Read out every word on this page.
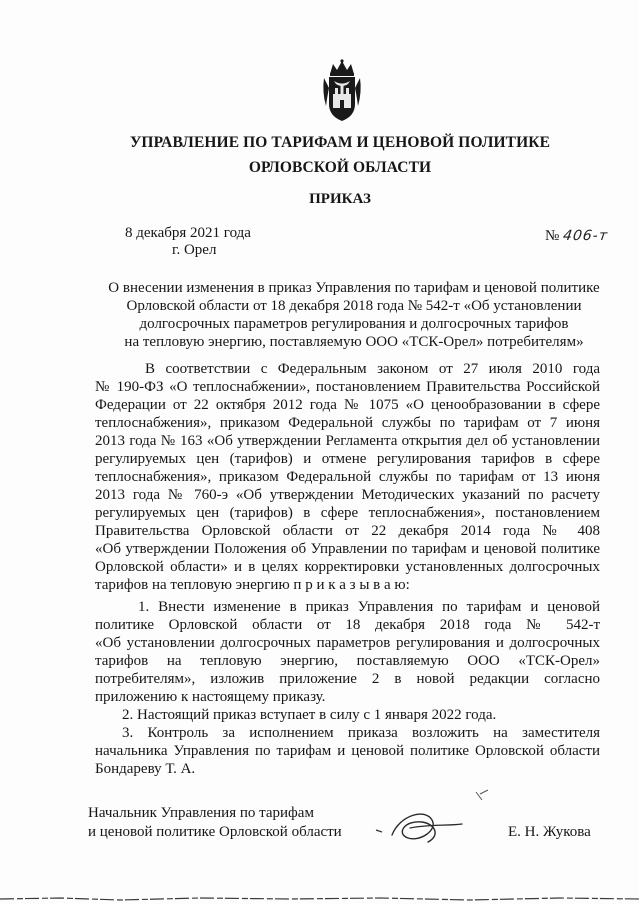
УПРАВЛЕНИЕ ПО ТАРИФАМ И ЦЕНОВОЙ ПОЛИТИКЕ
ОРЛОВСКОЙ ОБЛАСТИ
ПРИКАЗ
8 декабря 2021 года
г. Орел
№ 406-т
О внесении изменения в приказ Управления по тарифам и ценовой политике
Орловской области от 18 декабря 2018 года № 542-т «Об установлении
долгосрочных параметров регулирования и долгосрочных тарифов
на тепловую энергию, поставляемую ООО «ТСК-Орел» потребителям»
В соответствии с Федеральным законом от 27 июля 2010 года
№ 190-ФЗ «О теплоснабжении», постановлением Правительства Российской
Федерации от 22 октября 2012 года № 1075 «О ценообразовании в сфере
теплоснабжения», приказом Федеральной службы по тарифам от 7 июня
2013 года № 163 «Об утверждении Регламента открытия дел об установлении
регулируемых цен (тарифов) и отмене регулирования тарифов в сфере
теплоснабжения», приказом Федеральной службы по тарифам от 13 июня
2013 года № 760-э «Об утверждении Методических указаний по расчету
регулируемых цен (тарифов) в сфере теплоснабжения», постановлением
Правительства Орловской области от 22 декабря 2014 года № 408
«Об утверждении Положения об Управлении по тарифам и ценовой политике
Орловской области» и в целях корректировки установленных долгосрочных
тарифов на тепловую энергию п р и к а з ы в а ю:
1. Внести изменение в приказ Управления по тарифам и ценовой
политике Орловской области от 18 декабря 2018 года № 542-т
«Об установлении долгосрочных параметров регулирования и долгосрочных
тарифов на тепловую энергию, поставляемую ООО «ТСК-Орел»
потребителям», изложив приложение 2 в новой редакции согласно
приложению к настоящему приказу.
2. Настоящий приказ вступает в силу с 1 января 2022 года.
3. Контроль за исполнением приказа возложить на заместителя
начальника Управления по тарифам и ценовой политике Орловской области
Бондареву Т. А.
Начальник Управления по тарифам
и ценовой политике Орловской области	Е. Н. Жукова
